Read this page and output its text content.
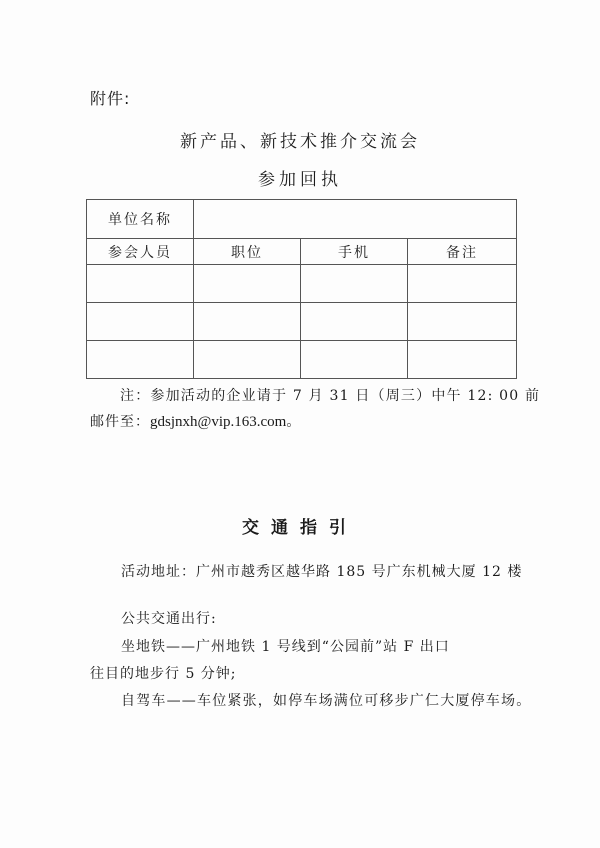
附件:
新产品、新技术推介交流会
参加回执
单位名称			
参会人员	职位	手机	备注

注：参加活动的企业请于 7 月 31 日（周三）中午 12: 00 前
邮件至：gdsjnxh@vip.163.com。
交通指引
活动地址：广州市越秀区越华路 185 号广东机械大厦 12 楼
公共交通出行:
坐地铁——广州地铁 1 号线到“公园前”站 F 出口
往目的地步行 5 分钟;
自驾车——车位紧张，如停车场满位可移步广仁大厦停车场。
